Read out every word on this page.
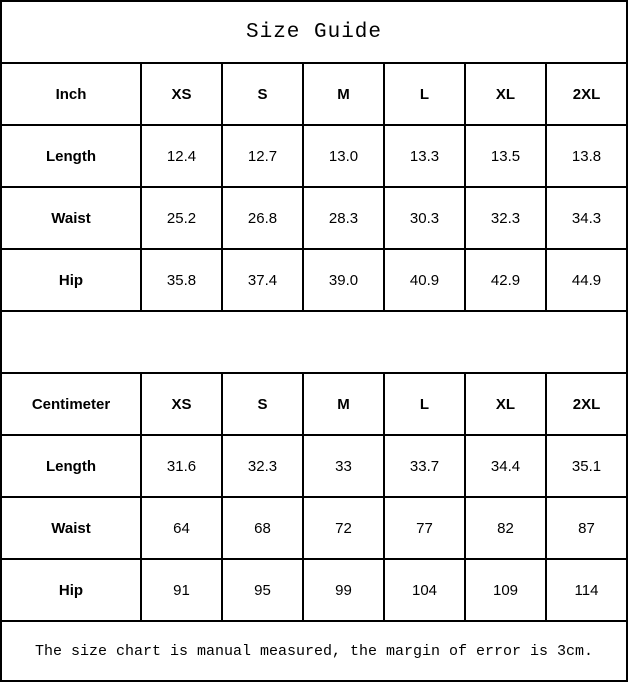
Size Guide
Inch	XS	S	M	L	XL	2XL
Length	12.4	12.7	13.0	13.3	13.5	13.8
Waist	25.2	26.8	28.3	30.3	32.3	34.3
Hip	35.8	37.4	39.0	40.9	42.9	44.9
Centimeter	XS	S	M	L	XL	2XL
Length	31.6	32.3	33	33.7	34.4	35.1
Waist	64	68	72	77	82	87
Hip	91	95	99	104	109	114
The size chart is manual measured, the margin of error is 3cm.
